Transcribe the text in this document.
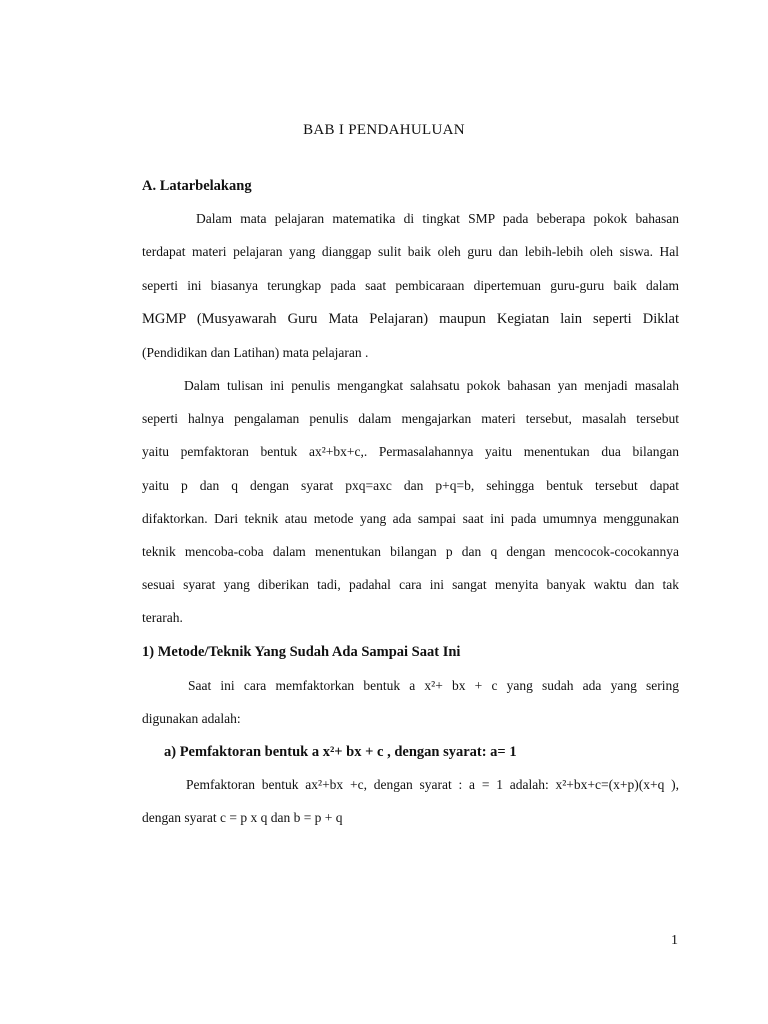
BAB I PENDAHULUAN
A. Latarbelakang
Dalam mata pelajaran matematika di tingkat SMP pada beberapa pokok bahasan
terdapat materi pelajaran yang dianggap sulit baik oleh guru dan lebih-lebih oleh siswa. Hal
seperti ini biasanya terungkap pada saat pembicaraan dipertemuan guru-guru baik dalam
MGMP (Musyawarah Guru Mata Pelajaran) maupun Kegiatan lain seperti Diklat
(Pendidikan dan Latihan) mata pelajaran .
Dalam tulisan ini penulis mengangkat salahsatu pokok bahasan yan menjadi masalah
seperti halnya pengalaman penulis dalam mengajarkan materi tersebut, masalah tersebut
yaitu pemfaktoran bentuk ax²+bx+c,. Permasalahannya yaitu menentukan dua bilangan
yaitu p dan q dengan syarat pxq=axc dan p+q=b, sehingga bentuk tersebut dapat
difaktorkan. Dari teknik atau metode yang ada sampai saat ini pada umumnya menggunakan
teknik mencoba-coba dalam menentukan bilangan p dan q dengan mencocok-cocokannya
sesuai syarat yang diberikan tadi, padahal cara ini sangat menyita banyak waktu dan tak
terarah.
1) Metode/Teknik Yang Sudah Ada Sampai Saat Ini
Saat ini cara memfaktorkan bentuk a x²+ bx + c yang sudah ada yang sering
digunakan adalah:
a) Pemfaktoran bentuk a x²+ bx + c , dengan syarat: a= 1
Pemfaktoran bentuk ax²+bx +c, dengan syarat : a = 1 adalah: x²+bx+c=(x+p)(x+q ),
dengan syarat c = p x q dan b = p + q
1
